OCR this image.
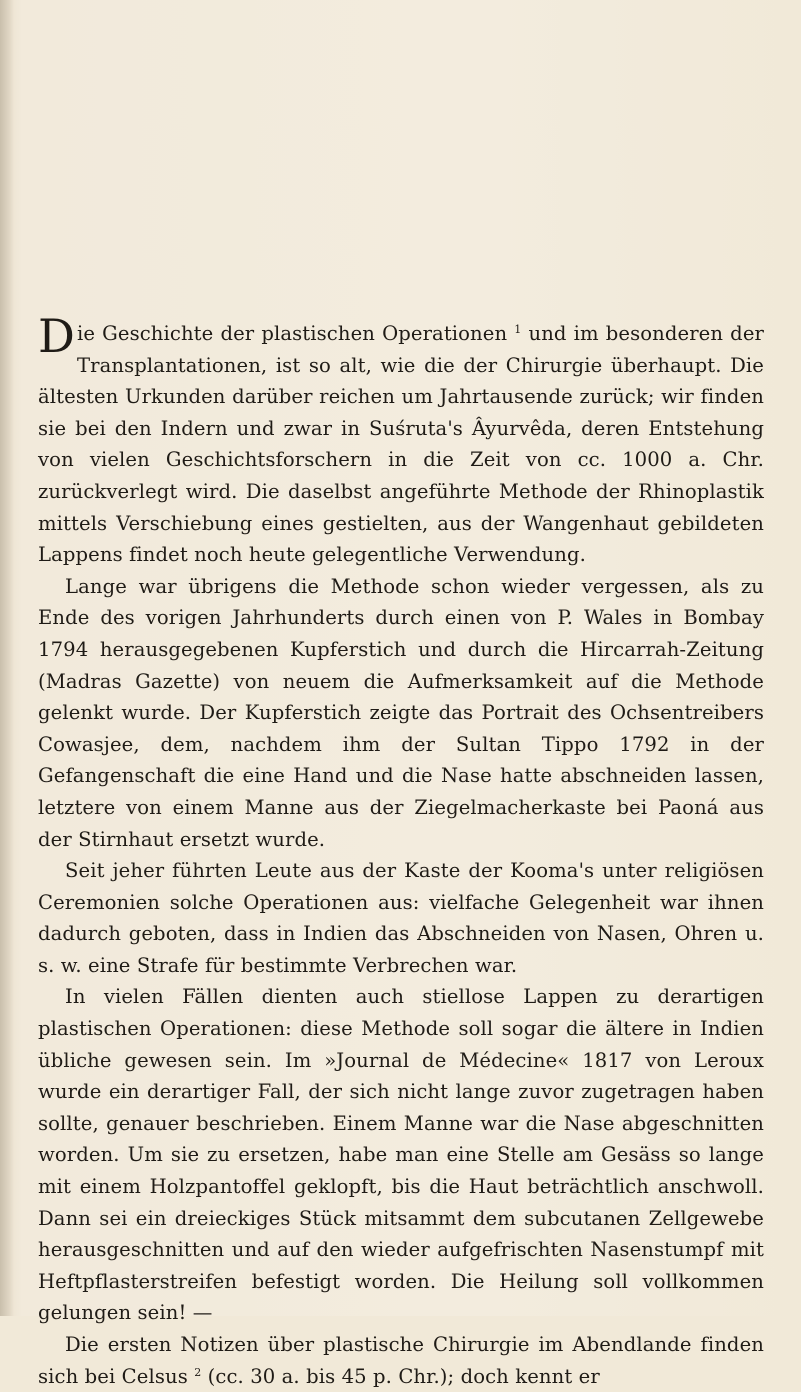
Die Geschichte der plastischen Operationen $^1$ und im besonderen der Transplantationen, ist so alt, wie die der Chirurgie überhaupt. Die ältesten Urkunden darüber reichen um Jahrtausende zurück; wir finden sie bei den Indern und zwar in Suśruta's Âyurvêda, deren Entstehung von vielen Geschichtsforschern in die Zeit von cc. 1000 a. Chr. zurückverlegt wird. Die daselbst angeführte Methode der Rhinoplastik mittels Verschiebung eines gestielten, aus der Wangenhaut gebildeten Lappens findet noch heute gelegentliche Verwendung.

Lange war übrigens die Methode schon wieder vergessen, als zu Ende des vorigen Jahrhunderts durch einen von P. Wales in Bombay 1794 herausgegebenen Kupferstich und durch die Hircarrah-Zeitung (Madras Gazette) von neuem die Aufmerksamkeit auf die Methode gelenkt wurde. Der Kupferstich zeigte das Portrait des Ochsentreibers Cowasjee, dem, nachdem ihm der Sultan Tippo 1792 in der Gefangenschaft die eine Hand und die Nase hatte abschneiden lassen, letztere von einem Manne aus der Ziegelmacherkaste bei Paoná aus der Stirnhaut ersetzt wurde.

Seit jeher führten Leute aus der Kaste der Kooma's unter religiösen Ceremonien solche Operationen aus: vielfache Gelegenheit war ihnen dadurch geboten, dass in Indien das Abschneiden von Nasen, Ohren u. s. w. eine Strafe für bestimmte Verbrechen war.

In vielen Fällen dienten auch stiellose Lappen zu derartigen plastischen Operationen: diese Methode soll sogar die ältere in Indien übliche gewesen sein. Im »Journal de Médecine« 1817 von Leroux wurde ein derartiger Fall, der sich nicht lange zuvor zugetragen haben sollte, genauer beschrieben. Einem Manne war die Nase abgeschnitten worden. Um sie zu ersetzen, habe man eine Stelle am Gesäss so lange mit einem Holzpantoffel geklopft, bis die Haut beträchtlich anschwoll. Dann sei ein dreieckiges Stück mitsammt dem subcutanen Zellgewebe herausgeschnitten und auf den wieder aufgefrischten Nasenstumpf mit Heftpflasterstreifen befestigt worden. Die Heilung soll vollkommen gelungen sein! —

Die ersten Notizen über plastische Chirurgie im Abendlande finden sich bei Celsus $^2$ (cc. 30 a. bis 45 p. Chr.); doch kennt er
